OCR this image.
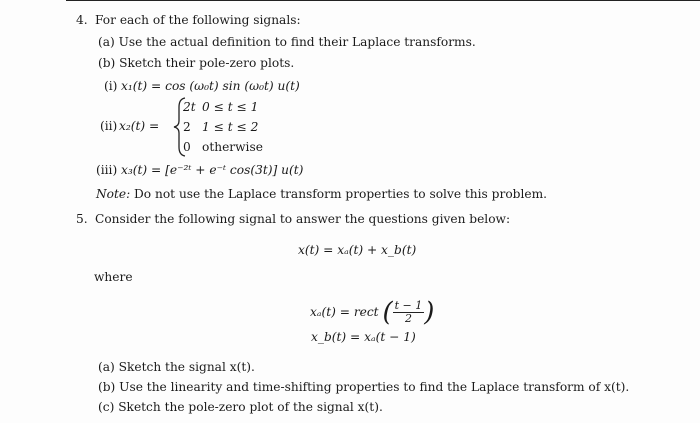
4. For each of the following signals:
(a) Use the actual definition to find their Laplace transforms.
(b) Sketch their pole-zero plots.
(i) x₁(t) = cos (ω₀t) sin (ω₀t) u(t)
(ii) x₂(t) =
2t 0 ≤ t ≤ 1
2 1 ≤ t ≤ 2
0 otherwise
(iii) x₃(t) = [e⁻²ᵗ + e⁻ᵗ cos(3t)] u(t)
Note: Do not use the Laplace transform properties to solve this problem.
5. Consider the following signal to answer the questions given below:
x(t) = xₐ(t) + x_b(t)
where
xₐ(t) = rect ( $\frac{t - 1}{2}$ )
x_b(t) = xₐ(t − 1)
(a) Sketch the signal x(t).
(b) Use the linearity and time-shifting properties to find the Laplace transform of x(t).
(c) Sketch the pole-zero plot of the signal x(t).
